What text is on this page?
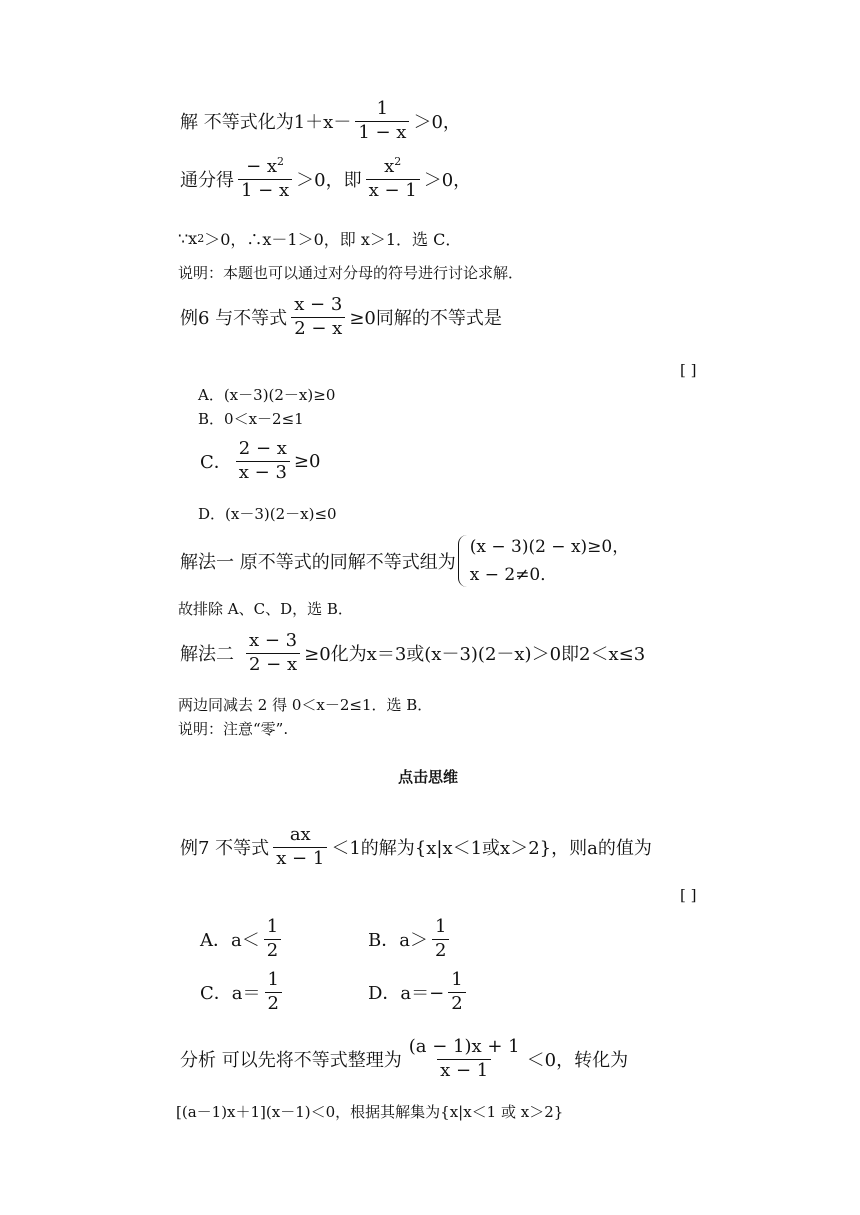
解 不等式化为$1+x- \frac{1}{1 - x} >0$，
通分得 $\frac{- x^2}{1 - x} >0$，即 $\frac{x^2}{x - 1} >0$，
∵x 2 ＞0，∴x－1＞0，即 x＞1．选 C．
说明：本题也可以通过对分母的符号进行讨论求解．
例6 与不等式 $\frac{x - 3}{2 - x} \ge 0$同解的不等式是
[ ]
A．(x－3)(2－x)≥0
B．0＜x－2≤1
C． $\frac{2 - x}{x - 3} \ge 0$
D．(x－3)(2－x)≤0
解法一 原不等式的同解不等式组为
(x − 3)(2 − x)≥0，
x − 2≠0．
故排除 A、C、D，选 B．
解法二 $\frac{x - 3}{2 - x} \ge 0$化为x＝3或(x－3)(2－x)＞0即2＜x≤3
两边同减去 2 得 0＜x－2≤1．选 B．
说明：注意“零”.
点击思维
例7 不等式 $\frac{ax}{x - 1} <1$的解为{x|x＜1或x＞2}，则a的值为
[ ]
A．$a< \frac{1}{2}$	B．$a> \frac{1}{2}$
C．$a= \frac{1}{2}$	D．$a=- \frac{1}{2}$
分析 可以先将不等式整理为 $\frac{(a - 1)x + 1}{x - 1} <0$，转化为
[(a－1)x＋1](x－1)＜0，根据其解集为{x|x＜1 或 x＞2}
